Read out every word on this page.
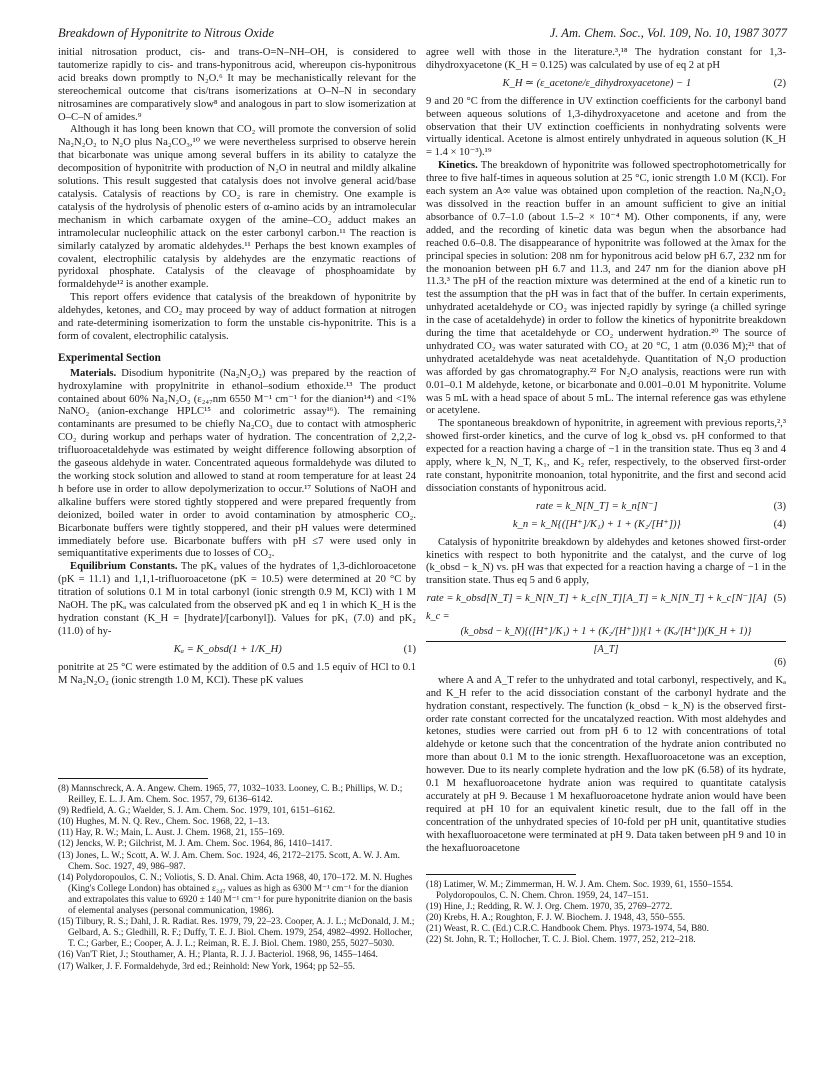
Breakdown of Hyponitrite to Nitrous Oxide	J. Am. Chem. Soc., Vol. 109, No. 10, 1987 3077

initial nitrosation product, cis- and trans-O=N–NH–OH, is considered to tautomerize rapidly to cis- and trans-hyponitrous acid, whereupon cis-hyponitrous acid breaks down promptly to N₂O.⁶ It may be mechanistically relevant for the stereochemical outcome that cis/trans isomerizations at O–N–N in secondary nitrosamines are comparatively slow⁸ and analogous in part to slow isomerization at O–C–N of amides.⁹

Although it has long been known that CO₂ will promote the conversion of solid Na₂N₂O₂ to N₂O plus Na₂CO₃,¹⁰ we were nevertheless surprised to observe herein that bicarbonate was unique among several buffers in its ability to catalyze the decomposition of hyponitrite with production of N₂O in neutral and mildly alkaline solutions. This result suggested that catalysis does not involve general acid/base catalysis. Catalysis of reactions by CO₂ is rare in chemistry. One example is catalysis of the hydrolysis of phenolic esters of α-amino acids by an intramolecular mechanism in which carbamate oxygen of the amine–CO₂ adduct makes an intramolecular nucleophilic attack on the ester carbonyl carbon.¹¹ The reaction is similarly catalyzed by aromatic aldehydes.¹¹ Perhaps the best known examples of covalent, electrophilic catalysis by aldehydes are the enzymatic reactions of pyridoxal phosphate. Catalysis of the cleavage of phosphoamidate by formaldehyde¹² is another example.

This report offers evidence that catalysis of the breakdown of hyponitrite by aldehydes, ketones, and CO₂ may proceed by way of adduct formation at nitrogen and rate-determining isomerization to form the unstable cis-hyponitrite. This is a form of covalent, electrophilic catalysis.

Experimental Section

Materials. Disodium hyponitrite (Na₂N₂O₂) was prepared by the reaction of hydroxylamine with propylnitrite in ethanol–sodium ethoxide.¹³ The product contained about 60% Na₂N₂O₂ (ε₂₄₇nm 6550 M⁻¹ cm⁻¹ for the dianion¹⁴) and <1% NaNO₂ (anion-exchange HPLC¹⁵ and colorimetric assay¹⁶). The remaining contaminants are presumed to be chiefly Na₂CO₃ due to contact with atmospheric CO₂ during workup and perhaps water of hydration. The concentration of 2,2,2-trifluoroacetaldehyde was estimated by weight difference following absorption of the gaseous aldehyde in water. Concentrated aqueous formaldehyde was diluted to the working stock solution and allowed to stand at room temperature for at least 24 h before use in order to allow depolymerization to occur.¹⁷ Solutions of NaOH and alkaline buffers were stored tightly stoppered and were prepared frequently from deionized, boiled water in order to avoid contamination by atmospheric CO₂. Bicarbonate buffers were tightly stoppered, and their pH values were determined immediately before use. Bicarbonate buffers with pH ≤7 were used only in semiquantitative experiments due to losses of CO₂.

Equilibrium Constants. The pKₐ values of the hydrates of 1,3-dichloroacetone (pK = 11.1) and 1,1,1-trifluoroacetone (pK = 10.5) were determined at 20 °C by titration of solutions 0.1 M in total carbonyl (ionic strength 0.9 M, KCl) with 1 M NaOH. The pKₐ was calculated from the observed pK and eq 1 in which K_H is the hydration constant (K_H = [hydrate]/[carbonyl]). Values for pK₁ (7.0) and pK₂ (11.0) of hy-

Kₐ = K_obsd(1 + 1/K_H)	(1)

ponitrite at 25 °C were estimated by the addition of 0.5 and 1.5 equiv of HCl to 0.1 M Na₂N₂O₂ (ionic strength 1.0 M, KCl). These pK values

(8) Mannschreck, A. A. Angew. Chem. 1965, 77, 1032–1033. Looney, C. B.; Phillips, W. D.; Reilley, E. L. J. Am. Chem. Soc. 1957, 79, 6136–6142.

(9) Redfield, A. G.; Waelder, S. J. Am. Chem. Soc. 1979, 101, 6151–6162.

(10) Hughes, M. N. Q. Rev., Chem. Soc. 1968, 22, 1–13.

(11) Hay, R. W.; Main, L. Aust. J. Chem. 1968, 21, 155–169.

(12) Jencks, W. P.; Gilchrist, M. J. Am. Chem. Soc. 1964, 86, 1410–1417.

(13) Jones, L. W.; Scott, A. W. J. Am. Chem. Soc. 1924, 46, 2172–2175. Scott, A. W. J. Am. Chem. Soc. 1927, 49, 986–987.

(14) Polydoropoulos, C. N.; Voliotis, S. D. Anal. Chim. Acta 1968, 40, 170–172. M. N. Hughes (King's College London) has obtained ε₂₄₇ values as high as 6300 M⁻¹ cm⁻¹ for the dianion and extrapolates this value to 6920 ± 140 M⁻¹ cm⁻¹ for pure hyponitrite dianion on the basis of elemental analyses (personal communication, 1986).

(15) Tilbury, R. S.; Dahl, J. R. Radiat. Res. 1979, 79, 22–23. Cooper, A. J. L.; McDonald, J. M.; Gelbard, A. S.; Gledhill, R. F.; Duffy, T. E. J. Biol. Chem. 1979, 254, 4982–4992. Hollocher, T. C.; Garber, E.; Cooper, A. J. L.; Reiman, R. E. J. Biol. Chem. 1980, 255, 5027–5030.

(16) Van'T Riet, J.; Stouthamer, A. H.; Planta, R. J. J. Bacteriol. 1968, 96, 1455–1464.

(17) Walker, J. F. Formaldehyde, 3rd ed.; Reinhold: New York, 1964; pp 52–55.

agree well with those in the literature.³,¹⁸ The hydration constant for 1,3-dihydroxyacetone (K_H = 0.125) was calculated by use of eq 2 at pH

K_H ≃ (ε_acetone/ε_dihydroxyacetone) − 1	(2)

9 and 20 °C from the difference in UV extinction coefficients for the carbonyl band between aqueous solutions of 1,3-dihydroxyacetone and acetone and from the observation that their UV extinction coefficients in nonhydrating solvents were virtually identical. Acetone is almost entirely unhydrated in aqueous solution (K_H = 1.4 × 10⁻³).¹⁹

Kinetics. The breakdown of hyponitrite was followed spectrophotometrically for three to five half-times in aqueous solution at 25 °C, ionic strength 1.0 M (KCl). For each system an A∞ value was obtained upon completion of the reaction. Na₂N₂O₂ was dissolved in the reaction buffer in an amount sufficient to give an initial absorbance of 0.7–1.0 (about 1.5–2 × 10⁻⁴ M). Other components, if any, were added, and the recording of kinetic data was begun when the absorbance had reached 0.6–0.8. The disappearance of hyponitrite was followed at the λmax for the principal species in solution: 208 nm for hyponitrous acid below pH 6.7, 232 nm for the monoanion between pH 6.7 and 11.3, and 247 nm for the dianion above pH 11.3.³ The pH of the reaction mixture was determined at the end of a kinetic run to test the assumption that the pH was in fact that of the buffer. In certain experiments, unhydrated acetaldehyde or CO₂ was injected rapidly by syringe (a chilled syringe in the case of acetaldehyde) in order to follow the kinetics of hyponitrite breakdown during the time that acetaldehyde or CO₂ underwent hydration.²⁰ The source of unhydrated CO₂ was water saturated with CO₂ at 20 °C, 1 atm (0.036 M);²¹ that of unhydrated acetaldehyde was neat acetaldehyde. Quantitation of N₂O production was afforded by gas chromatography.²² For N₂O analysis, reactions were run with 0.01–0.1 M aldehyde, ketone, or bicarbonate and 0.001–0.01 M hyponitrite. Volume was 5 mL with a head space of about 5 mL. The internal reference gas was ethylene or acetylene.

The spontaneous breakdown of hyponitrite, in agreement with previous reports,²,³ showed first-order kinetics, and the curve of log k_obsd vs. pH conformed to that expected for a reaction having a charge of −1 in the transition state. Thus eq 3 and 4 apply, where k_N, N_T, K₁, and K₂ refer, respectively, to the observed first-order rate constant, hyponitrite monoanion, total hyponitrite, and the first and second acid dissociation constants of hyponitrous acid.

rate = k_N[N_T] = k_n[N⁻]	(3)
k_n = k_N{([H⁺]/K₁) + 1 + (K₂/[H⁺])}	(4)

Catalysis of hyponitrite breakdown by aldehydes and ketones showed first-order kinetics with respect to both hyponitrite and the catalyst, and the curve of log (k_obsd − k_N) vs. pH was that expected for a reaction having a charge of −1 in the transition state. Thus eq 5 and 6 apply,

rate = k_obsd[N_T] = k_N[N_T] + k_c[N_T][A_T] = k_N[N_T] + k_c[N⁻][A] (5)
k_c =
(k_obsd − k_N){([H⁺]/K₁) + 1 + (K₂/[H⁺])}{1 + (Kₐ/[H⁺])(K_H + 1)}
[A_T]
(6)

where A and A_T refer to the unhydrated and total carbonyl, respectively, and Kₐ and K_H refer to the acid dissociation constant of the carbonyl hydrate and the hydration constant, respectively. The function (k_obsd − k_N) is the observed first-order rate constant corrected for the uncatalyzed reaction. With most aldehydes and ketones, studies were carried out from pH 6 to 12 with concentrations of total aldehyde or ketone such that the concentration of the hydrate anion contributed no more than about 0.1 M to the ionic strength. Hexafluoroacetone was an exception, however. Due to its nearly complete hydration and the low pK (6.58) of its hydrate, 0.1 M hexafluoroacetone hydrate anion was required to quantitate catalysis accurately at pH 9. Because 1 M hexafluoroacetone hydrate anion would have been required at pH 10 for an equivalent kinetic result, due to the fall off in the concentration of the unhydrated species of 10-fold per pH unit, quantitative studies with hexafluoroacetone were terminated at pH 9. Data taken between pH 9 and 10 in the hexafluoroacetone

(18) Latimer, W. M.; Zimmerman, H. W. J. Am. Chem. Soc. 1939, 61, 1550–1554. Polydoropoulos, C. N. Chem. Chron. 1959, 24, 147–151.

(19) Hine, J.; Redding, R. W. J. Org. Chem. 1970, 35, 2769–2772.

(20) Krebs, H. A.; Roughton, F. J. W. Biochem. J. 1948, 43, 550–555.

(21) Weast, R. C. (Ed.) C.R.C. Handbook Chem. Phys. 1973-1974, 54, B80.

(22) St. John, R. T.; Hollocher, T. C. J. Biol. Chem. 1977, 252, 212–218.
